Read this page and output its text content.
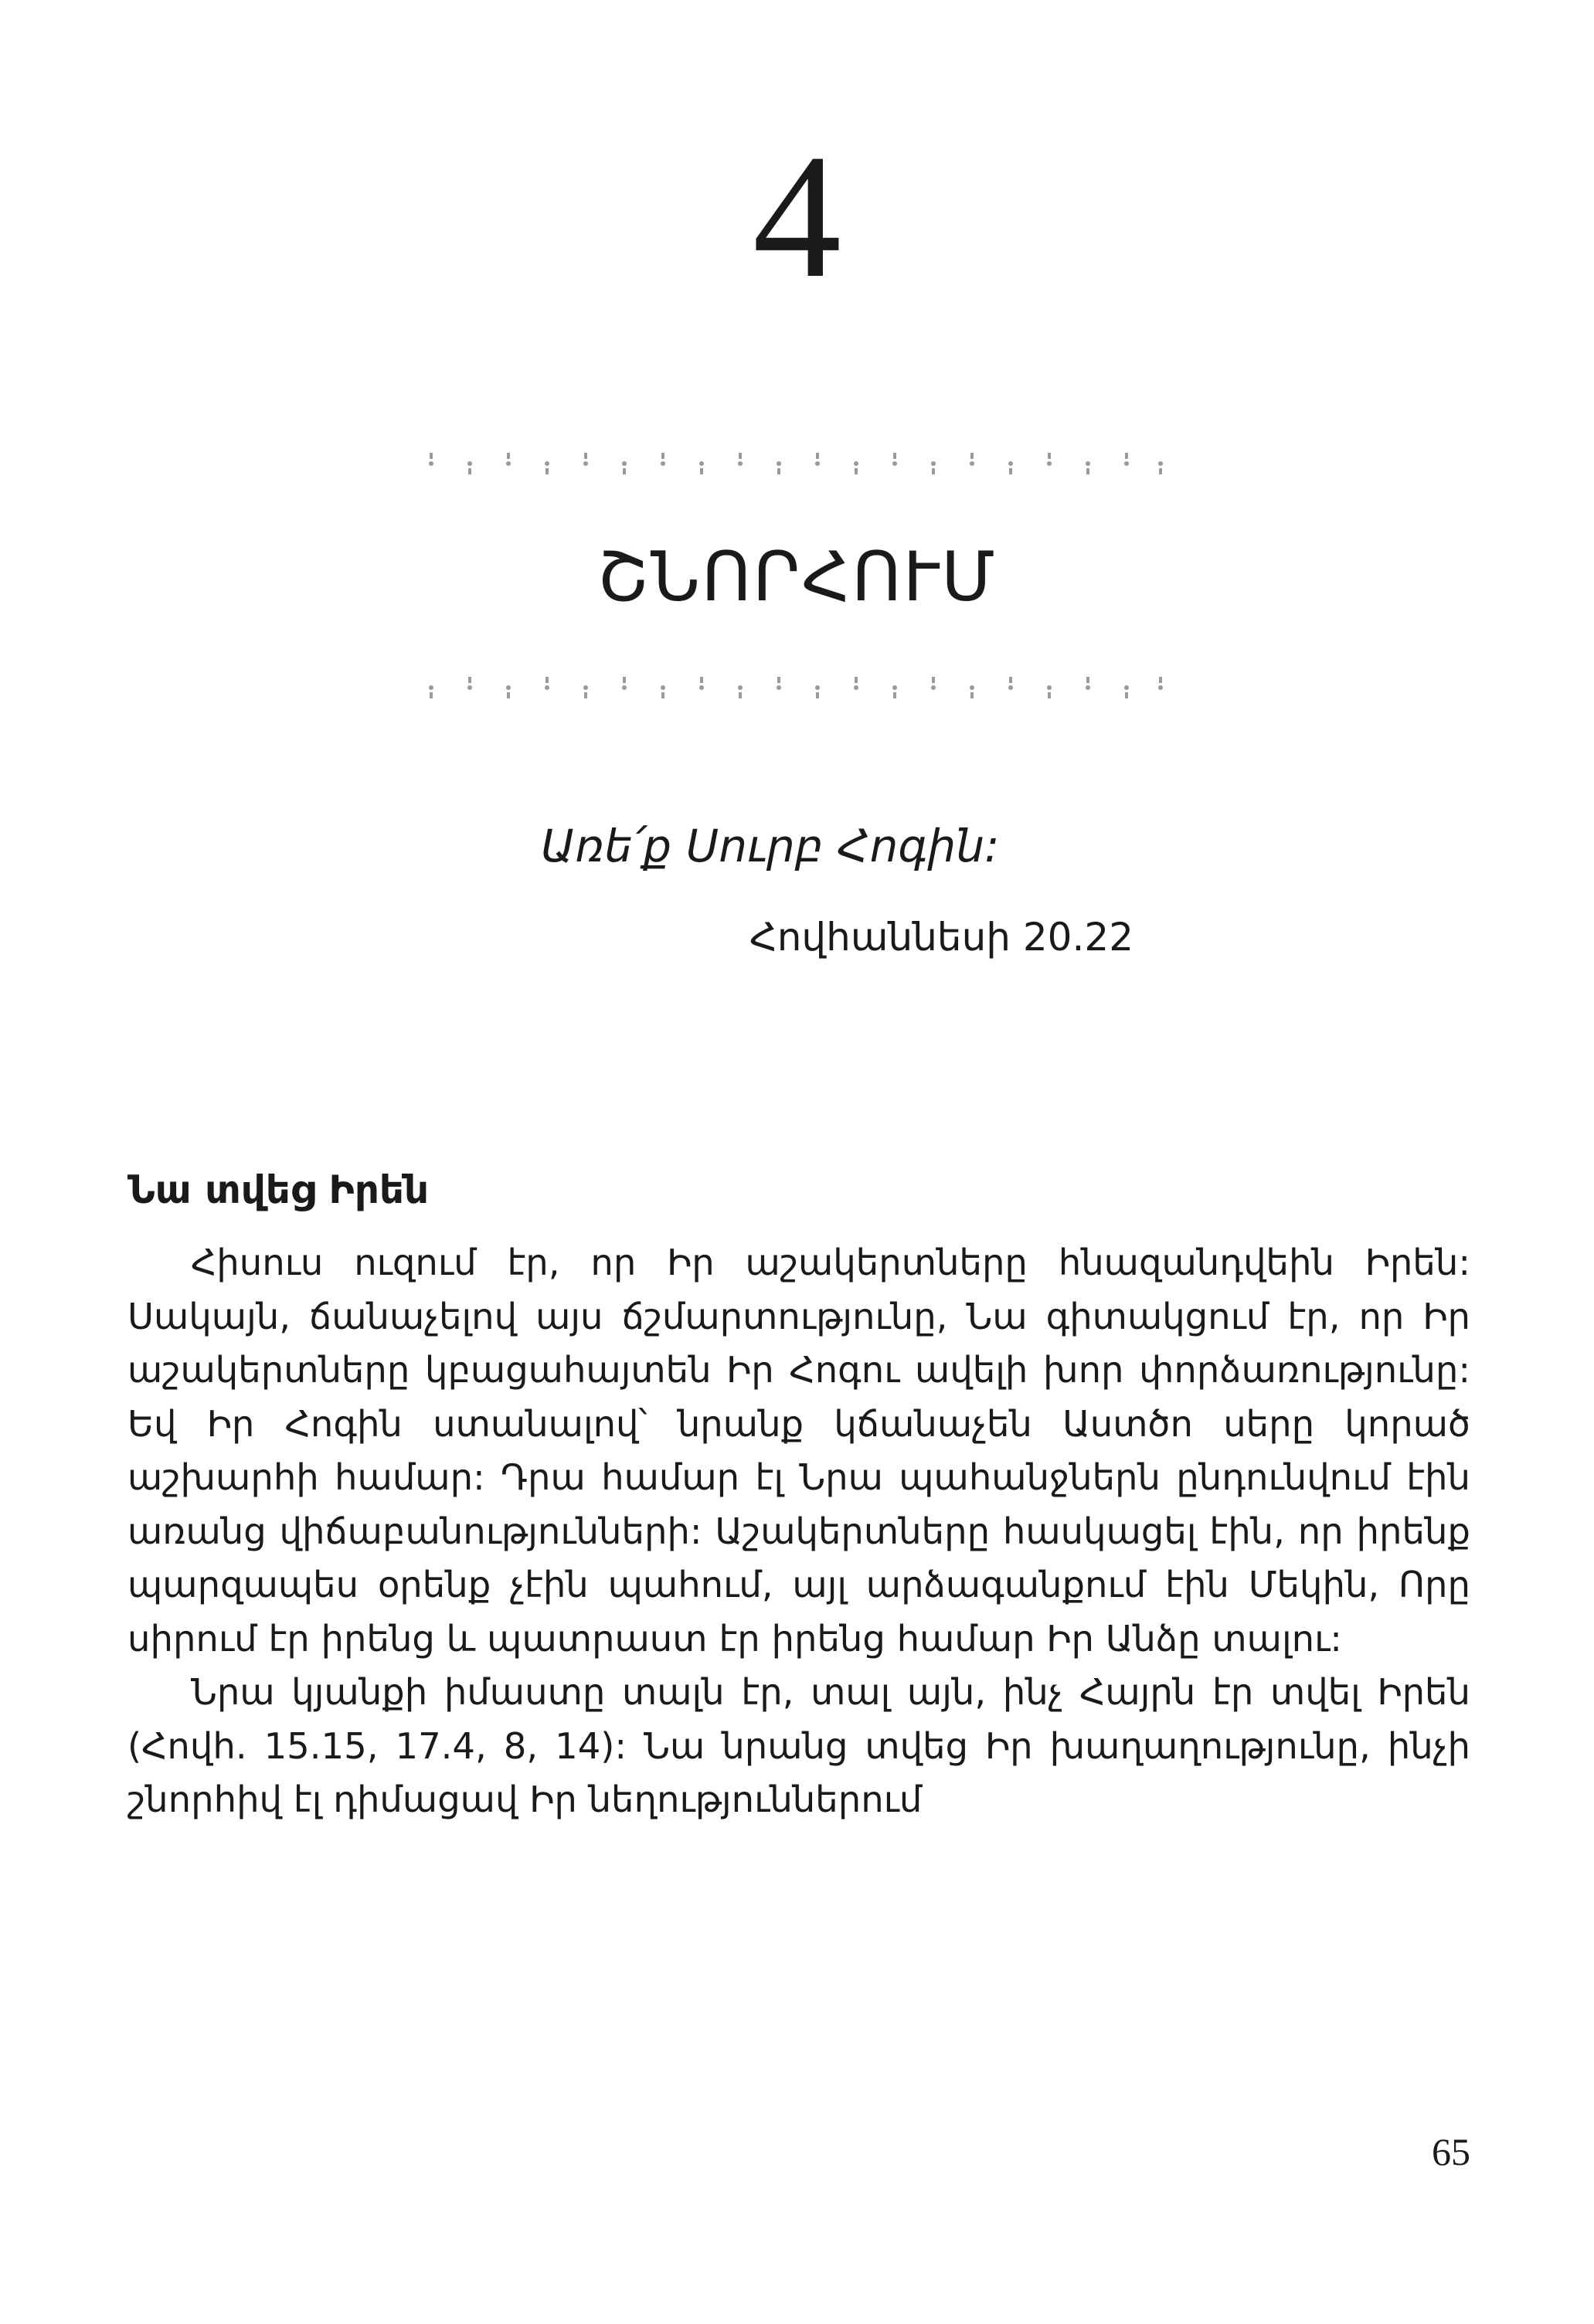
4
ՇՆՈՐՀՈՒՄ
Առե՛ք Սուրբ Հոգին:
Հովհաննեսի 20.22
Նա տվեց Իրեն

Հիսուս ուզում էր, որ Իր աշակերտները հնազանդվեին Իրեն: Սակայն, ճանաչելով այս ճշմարտությունը, Նա գիտակցում էր, որ Իր աշակերտները կբացահայտեն Իր Հոգու ավելի խոր փորձառությունը: Եվ Իր Հոգին ստանալով՝ նրանք կճանաչեն Աստծո սերը կորած աշխարհի համար: Դրա համար էլ Նրա պահանջներն ընդունվում էին առանց վիճաբանությունների: Աշակերտները հասկացել էին, որ իրենք պարզապես օրենք չէին պահում, այլ արձագանքում էին Մեկին, Որը սիրում էր իրենց և պատրաստ էր իրենց համար Իր Անձը տալու:

Նրա կյանքի իմաստը տալն էր, տալ այն, ինչ Հայրն էր տվել Իրեն (Հովհ. 15.15, 17.4, 8, 14): Նա նրանց տվեց Իր խաղաղությունը, ինչի շնորհիվ էլ դիմացավ Իր նեղություններում

65
